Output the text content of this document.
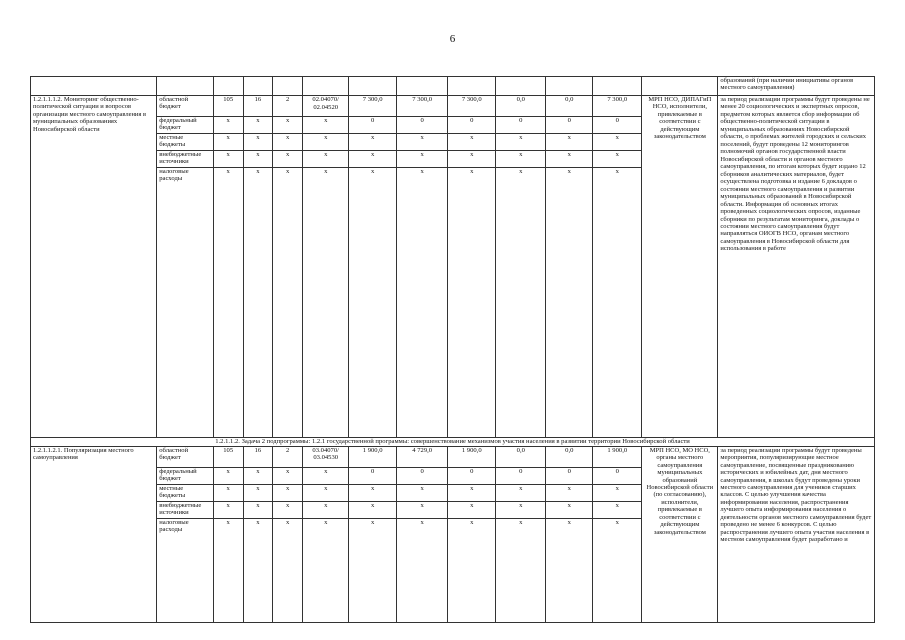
6
													образований (при наличии инициативы органов местного самоуправления)
1.2.1.1.1.2. Мониторинг общественно-политической ситуации и вопросов организации местного самоуправления в муниципальных образованиях Новосибирской области	областной бюджет	105	16	2	02.04070/ 02.04520	7 300,0	7 300,0	7 300,0	0,0	0,0	7 300,0	МРП НСО, ДИПАГиП НСО, исполнители, привлекаемые в соответствии с действующим законодательством	за период реализации программы будут проведены не менее 20 социологических и экспертных опросов, предметом которых является сбор информации об общественно-политической ситуации в муниципальных образованиях Новосибирской области, о проблемах жителей городских и сельских поселений, будут проведены 12 мониторингов полномочий органов государственной власти Новосибирской области и органов местного самоуправления, по итогам которых будет издано 12 сборников аналитических материалов, будет осуществлена подготовка и издание 6 докладов о состоянии местного самоуправления и развитии муниципальных образований в Новосибирской области. Информация об основных итогах проведенных социологических опросов, изданные сборники по результатам мониторинга, доклады о состоянии местного самоуправления будут направляться ОИОГВ НСО, органам местного самоуправления в Новосибирской области для использования в работе
	федеральный бюджет	x	x	x	x	0	0	0	0	0	0		
	местные бюджеты	x	x	x	x	x	x	x	x	x	x		
	внебюджетные источники	x	x	x	x	x	x	x	x	x	x		
	налоговые расходы	x	x	x	x	x	x	x	x	x	x		
1.2.1.1.2. Задача 2 подпрограммы: 1.2.1 государственной программы: совершенствование механизмов участия населения в развитии территории Новосибирской области													
1.2.1.1.2.1. Популяризация местного самоуправления	областной бюджет	105	16	2	03.04070/ 03.04530	1 900,0	4 729,0	1 900,0	0,0	0,0	1 900,0	МРП НСО, МО НСО, органы местного самоуправления муниципальных образований Новосибирской области (по согласованию), исполнители, привлекаемые в соответствии с действующим законодательством	за период реализации программы будут проведены мероприятия, популяризирующие местное самоуправление, посвященные праздникованию исторических и юбилейных дат, дня местного самоуправления, в школах будут проведены уроки местного самоуправления для учеников старших классов. С целью улучшения качества информирования населения, распространения лучшего опыта информирования населения о деятельности органов местного самоуправления будет проведено не менее 6 конкурсов. С целью распространения лучшего опыта участия населения в местном самоуправления будет разработано и
	федеральный бюджет	x	x	x	x	0	0	0	0	0	0		
	местные бюджеты	x	x	x	x	x	x	x	x	x	x		
	внебюджетные источники	x	x	x	x	x	x	x	x	x	x		
	налоговые расходы	x	x	x	x	x	x	x	x	x	x		
